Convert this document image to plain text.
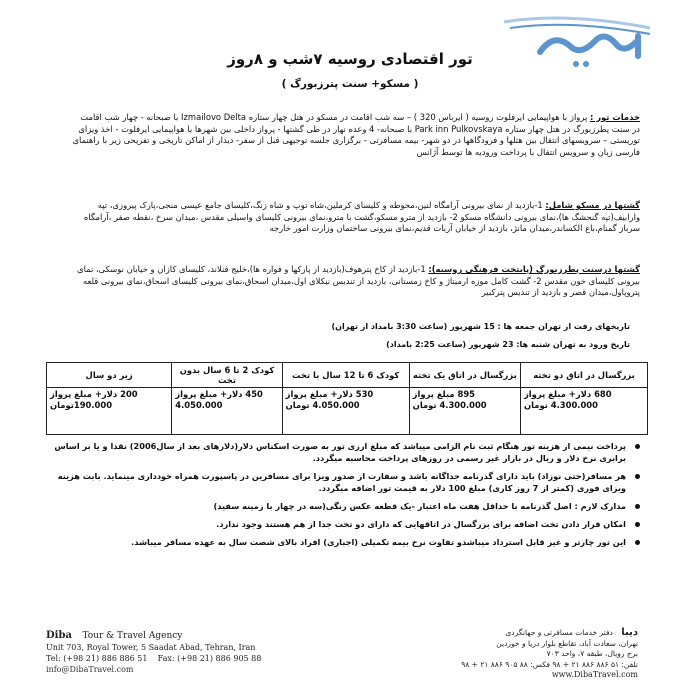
تور اقتصادی روسیه ۷شب و ۸روز
( مسکو+ سنت پترزبورگ )
خدمات تور : پرواز با هواپیمایی ایرفلوت روسیه ( ایرباس 320 ) – سه شب اقامت در مسکو در هتل چهار ستاره Izmailovo Delta با صبحانه - چهار شب اقامت در سنت پطرزبورگ در هتل چهار ستاره Park inn Pulkovskaya با صبحانه- 4 وعده نهار در طی گشتها - پرواز داخلی بین شهرها با هواپیمایی ایرفلوت - اخذ ویزای توریستی – سرویسهای انتقال بین هتلها و فرودگاهها در دو شهر- بیمه مسافرتی - برگزاری جلسه توجیهی قبل از سفر- دیدار از اماکن تاریخی و تفریحی زیر با راهنمای فارسی زبان و سرویس انتقال با پرداخت ورودیه ها توسط آژانس
گشتها در مسکو شامل: 1-بازدید از نمای بیرونی آرامگاه لنین،محوطه و کلیسای کرملین،شاه توپ و شاه زنگ،کلیسای جامع عیسی منجی،پارک پیروزی، تپه وارابیف(تپه گنجشگ ها)،نمای بیرونی دانشگاه مسکو 2- بازدید از مترو مسکو،گشت با مترو،نمای بیرونی کلیسای واسیلی مقدس ،میدان سرخ ،نقطه صفر ،آرامگاه سرباز گمنام،باغ الکساندر،میدان مانژ، بازدید از خیابان آربات قدیم،نمای بیرونی ساختمان وزارت امور خارجه
گشتها درسنت پطرزبورگ (پایتخت فرهنگی روسیه): 1-بازدید از کاخ پترهوف(بازدید از پارکها و فواره ها)،خلیج فنلاند، کلیسای کازان و خیابان نوسکی، نمای بیرونی کلیسای خون مقدس 2- گشت کامل موزه ارمیتاژ و کاخ زمستانی، بازدید از تندیس نیکلای اول،میدان اسحاق،نمای بیرونی کلیسای اسحاق،نمای بیرونی قلعه پتروپاول،میدان قصر و بازدید از تندیس پترکبیر
تاریخهای رفت از تهران جمعه ها : 15 شهریور (ساعت 3:30 بامداد از تهران)
تاریخ ورود به تهران شنبه ها: 23 شهریور (ساعت 2:25 بامداد)
بزرگسال در اتاق دو تخته	بزرگسال در اتاق یک تخته	کودک 6 تا 12 سال با تخت	کودک 2 تا 6 سال بدون تخت	زیر دو سال
680 دلار+ مبلغ پرواز 4.300.000 تومان	895 مبلغ پرواز 4.300.000 تومان	530 دلار+ مبلغ پرواز 4.050.000 تومان	450 دلار+ مبلغ پرواز 4.050.000	200 دلار+ مبلغ پرواز 190.000تومان
پرداخت نیمی از هزینه تور هنگام ثبت نام الزامی میباشد که مبلغ ارزی تور به صورت اسکناس دلار(دلارهای بعد از سال2006) نقدا و یا بر اساس برابری نرخ دلار و ریال در بازار غیر رسمی در روزهای پرداخت محاسبه میگردد.
هر مسافر(حتی نوزاد) باید دارای گذرنامه جداگانه باشد و سفارت از صدور ویزا برای مسافرین در پاسپورت همراه خودداری مینماید. بابت هزینه ویزای فوری (کمتر از 7 روز کاری) مبلغ 100 دلار به قیمت تور اضافه میگردد.
مدارک لازم : اصل گذرنامه با حداقل هفت ماه اعتبار -یک قطعه عکس رنگی(سه در چهار با زمینه سفید)
امکان قرار دادن تخت اضافه برای بزرگسال در اتاقهایی که دارای دو تخت جدا از هم هستند وجود ندارد.
این تور چارتر و غیر قابل استرداد میباشدو تفاوت نرخ بیمه تکمیلی (اجباری) افراد بالای شصت سال به عهده مسافر میباشد.
Diba Tour & Travel Agency
Unit 703, Royal Tower, 5 Saadat Abad, Tehran, Iran
Tel: (+98 21) 886 886 51 Fax: (+98 21) 886 905 88
info@DibaTravel.com
دیبا دفتر خدمات مسافرتی و جهانگردی
تهران، سعادت آباد، تقاطع بلوار دریا و خوردین
برج رویال، طبقه ۷، واحد ۷۰۳
تلفن: ۵۱ ۸۸۶ ۸۸۶ ۲۱ + ۹۸ فکس: ۸۸ ۹۰۵ ۸۸۶ ۲۱ + ۹۸
www.DibaTravel.com
